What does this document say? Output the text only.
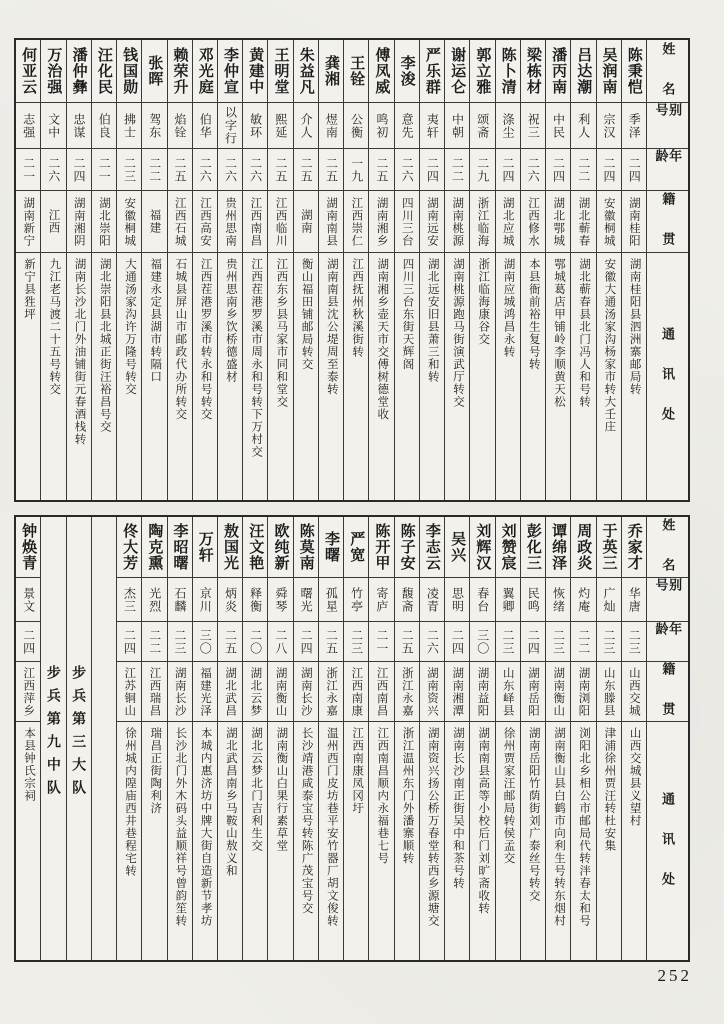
姓 名
别 号
年 龄
籍 贯
通 讯 处
陈秉恺
季泽
二四
湖南桂阳
湖南桂阳县泗洲寨邮局转
吴润南
宗汉
二四
安徽桐城
安徽大通汤家沟杨家市转大壬庄
吕达潮
利人
二二
湖北蕲春
湖北蕲春县北门冯人和号转
潘丙南
中民
二四
湖北鄂城
鄂城葛店甲铺岭李顺黄天松
梁栋材
祝三
二六
江西修水
本县衙前裕生复号转
陈卜清
涤尘
二四
湖北应城
湖南应城鸿昌永转
郭立雅
颂斋
二九
浙江临海
浙江临海康谷交
谢运仑
中朝
二二
湖南桃源
湖南桃源跑马街演武厅转交
严乐群
夷轩
二四
湖南远安
湖北远安旧县萧三和转
李浚
意先
二六
四川三台
四川三台东街天辉阁
傅凤威
鸣初
二五
湖南湘乡
湖南湘乡壶天市交傅树德堂收
王铨
公衡
一九
江西崇仁
江西抚州秋溪街转
龚湘
煜南
二五
湖南南县
湖南南县沈公堤周至泰转
朱益凡
介人
二五
湖南
衡山福田铺邮局转交
王明堂
熙延
二五
江西临川
江西东乡县马家市同和堂交
黄建中
敏环
二六
江西南昌
江西茬港罗溪市周永和号转下万村交
李仲宣
以字行
二六
贵州思南
贵州思南乡饮桥德盛材
邓光庭
伯华
二六
江西高安
江西茬港罗溪市转永和号转交
赖荣升
焰铨
二五
江西石城
石城县屏山市邮政代办所转交
张晖
驾东
二二
福建
福建永定县湖市转隔口
钱国勋
拂士
二三
安徽桐城
大通汤家沟许万隆号转交
汪化民
伯良
二一
湖北崇阳
湖北崇阳县北城正街汪裕昌号交
潘仲彝
忠谋
二四
湖南湘阴
湖南长沙北门外油铺街元春酒栈转
万治强
文中
二六
江西
九江老马渡二十五号转交
何亚云
志强
二一
湖南新宁
新宁县狌坪
姓 名
别 号
年 龄
籍 贯
通 讯 处
乔家才
华唐
二三
山西交城
山西交城县义望村
于英三
广灿
二三
山东滕县
津浦徐州贾汪转杜安集
周政炎
灼庵
二二
湖南浏阳
浏阳北乡相公市邮局代转泮春太和号
谭绵泽
恢绪
二三
湖南衡山
湖南衡山县白鹤市向利生号转东烟村
彭化三
民鸣
二四
湖南岳阳
湖南岳阳竹荫街刘广泰丝号转交
刘赞宸
翼卿
二三
山东峄县
徐州贾家汪邮局转侯孟交
刘辉汉
春台
三〇
湖南益阳
湖南南县高等小校后门刘旷斋收转
吴兴
思明
二四
湖南湘潭
湖南长沙南正街吴中和茶号转
李志云
凌青
二六
湖南资兴
湖南资兴扬公桥万春堂转西乡源塘交
陈子安
馥斋
二五
浙江永嘉
浙江温州东门外潘寨顺转
陈开甲
寄庐
二一
江西南昌
江西南昌顺内永福巷七号
严宽
竹亭
二三
江西南康
江西南康凤冈圩
李曙
孤星
二五
浙江永嘉
温州西门皮坊巷平安竹器厂胡文俊转
陈莫南
曙光
二四
湖南长沙
长沙靖港咸泰宝号转陈广茂宝号交
欧纯新
舜琴
二八
湖南衡山
湖南衡山白果行素草堂
汪文艳
释衡
二〇
湖北云梦
湖北云梦北门吉利生交
敖国光
炳炎
二五
湖北武昌
湖北武昌南乡马鞍山敖义和
万轩
京川
三〇
福建光泽
本城内惠济坊中牌大街自造新节孝坊
李昭曙
石麟
二三
湖南长沙
长沙北门外木码头益顺祥号曾韵笙转
陶克熏
光烈
二二
江西瑞昌
瑞昌正街陶利济
佟大芳
杰三
二四
江苏铜山
徐州城内隍庙西井巷程宅转
步兵第三大队
步兵第九中队
钟焕青
景文
二四
江西萍乡
本县钟氏宗祠
252
